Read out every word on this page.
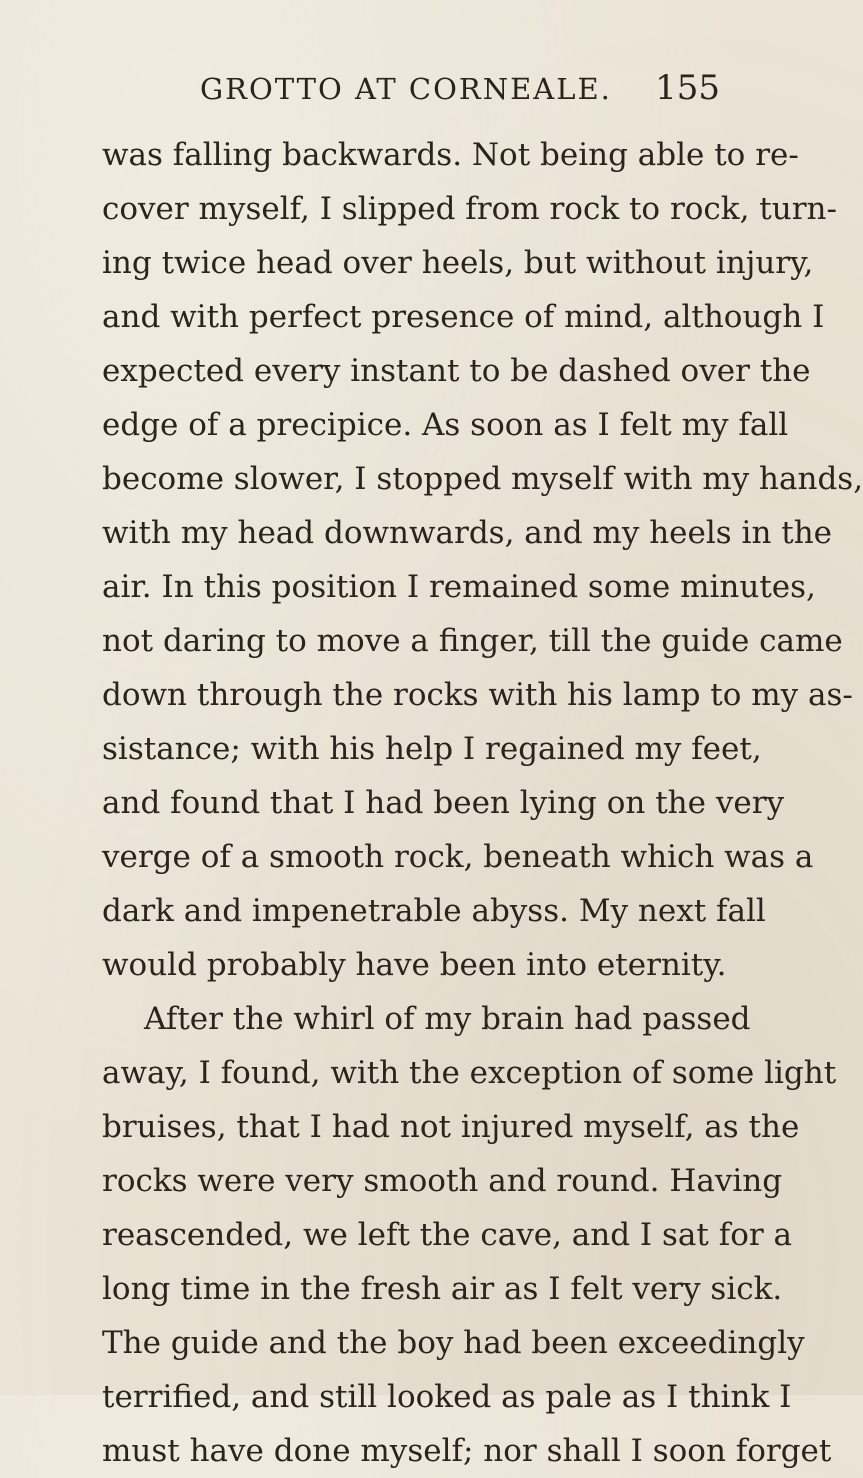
GROTTO AT CORNEALE. 155
was falling backwards. Not being able to re-
cover myself, I slipped from rock to rock, turn-
ing twice head over heels, but without injury,
and with perfect presence of mind, although I
expected every instant to be dashed over the
edge of a precipice. As soon as I felt my fall
become slower, I stopped myself with my hands,
with my head downwards, and my heels in the
air. In this position I remained some minutes,
not daring to move a finger, till the guide came
down through the rocks with his lamp to my as-
sistance; with his help I regained my feet,
and found that I had been lying on the very
verge of a smooth rock, beneath which was a
dark and impenetrable abyss. My next fall
would probably have been into eternity.
After the whirl of my brain had passed
away, I found, with the exception of some light
bruises, that I had not injured myself, as the
rocks were very smooth and round. Having
reascended, we left the cave, and I sat for a
long time in the fresh air as I felt very sick.
The guide and the boy had been exceedingly
terrified, and still looked as pale as I think I
must have done myself; nor shall I soon forget
